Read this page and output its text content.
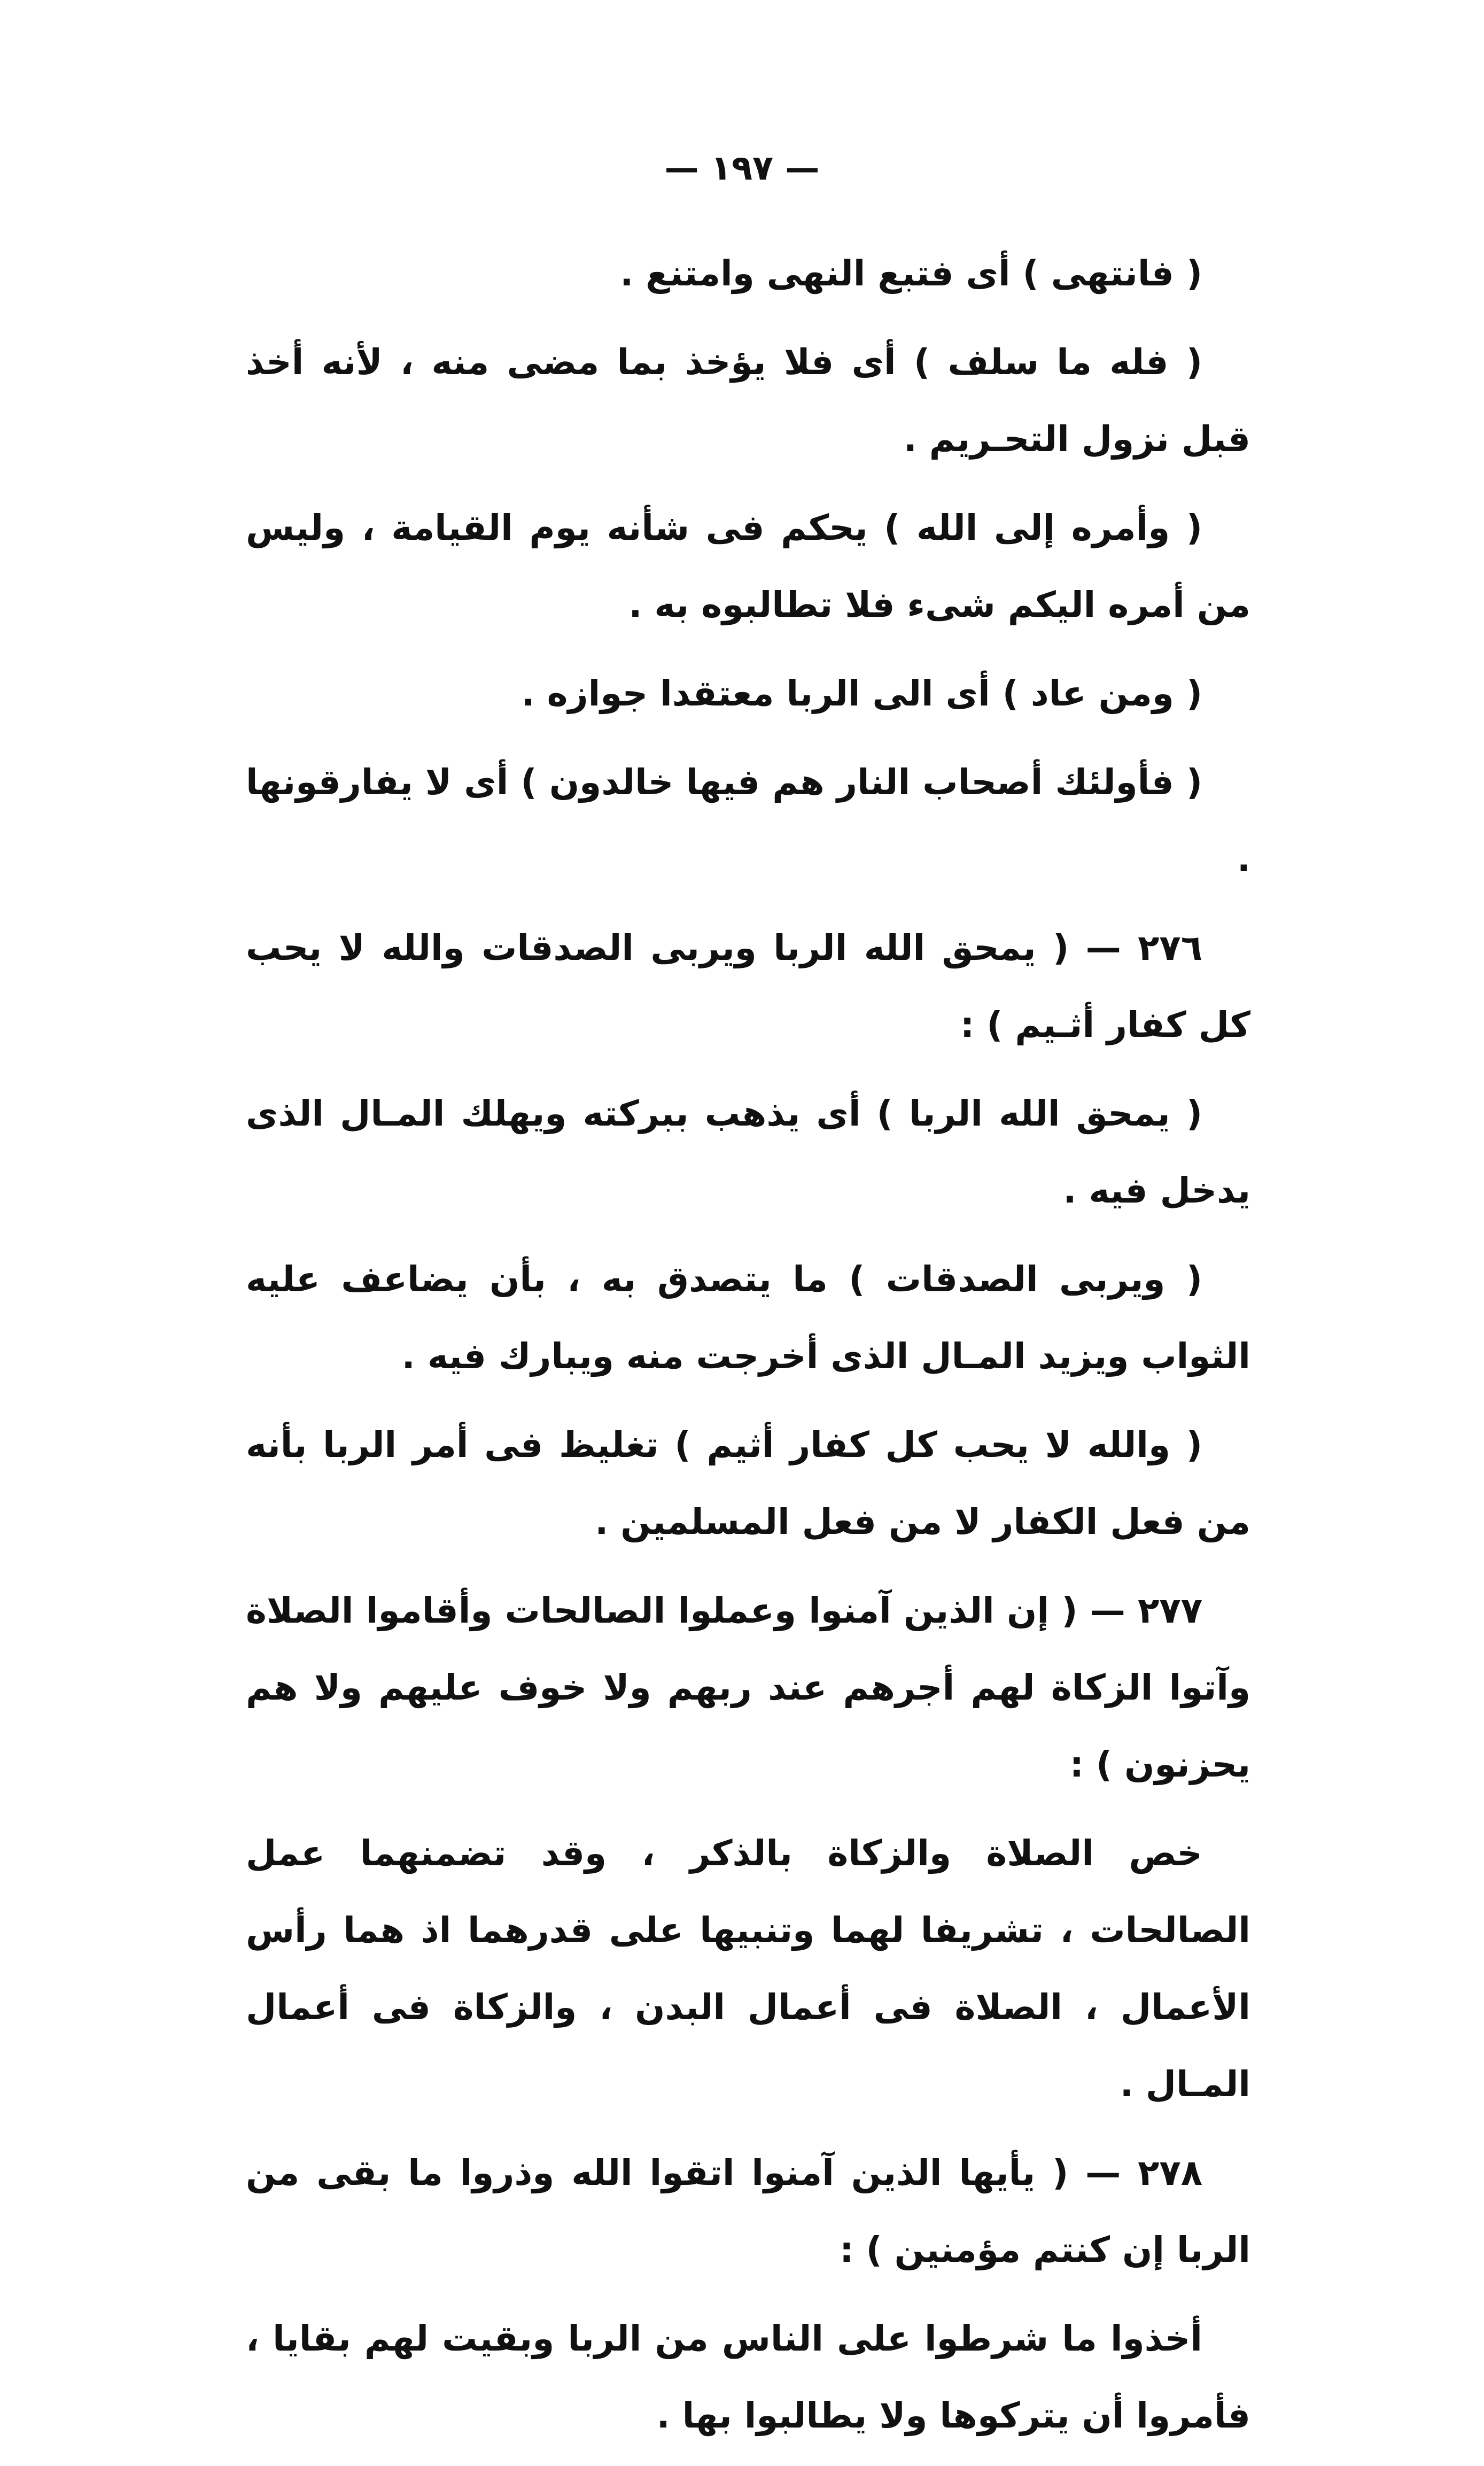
— ١٩٧ —

( فانتهى ) أى فتبع النهى وامتنع .

( فله ما سلف ) أى فلا يؤخذ بما مضى منه ، لأنه أخذ قبل نزول التحـريم .

( وأمره إلى الله ) يحكم فى شأنه يوم القيامة ، وليس من أمره اليكم شىء فلا تطالبوه به .

( ومن عاد ) أى الى الربا معتقدا جوازه .

( فأولئك أصحاب النار هم فيها خالدون ) أى لا يفارقونها .

٢٧٦ — ( يمحق الله الربا ويربى الصدقات والله لا يحب كل كفار أثـيم ) :

( يمحق الله الربا ) أى يذهب ببركته ويهلك المـال الذى يدخل فيه .

( ويربى الصدقات ) ما يتصدق به ، بأن يضاعف عليه الثواب ويزيد المـال الذى أخرجت منه ويبارك فيه .

( والله لا يحب كل كفار أثيم ) تغليظ فى أمر الربا بأنه من فعل الكفار لا من فعل المسلمين .

٢٧٧ — ( إن الذين آمنوا وعملوا الصالحات وأقاموا الصلاة وآتوا الزكاة لهم أجرهم عند ربهم ولا خوف عليهم ولا هم يحزنون ) :

خص الصلاة والزكاة بالذكر ، وقد تضمنهما عمل الصالحات ، تشريفا لهما وتنبيها على قدرهما اذ هما رأس الأعمال ، الصلاة فى أعمال البدن ، والزكاة فى أعمال المـال .

٢٧٨ — ( يأيها الذين آمنوا اتقوا الله وذروا ما بقى من الربا إن كنتم مؤمنين ) :

أخذوا ما شرطوا على الناس من الربا وبقيت لهم بقايا ، فأمروا أن يتركوها ولا يطالبوا بها .
